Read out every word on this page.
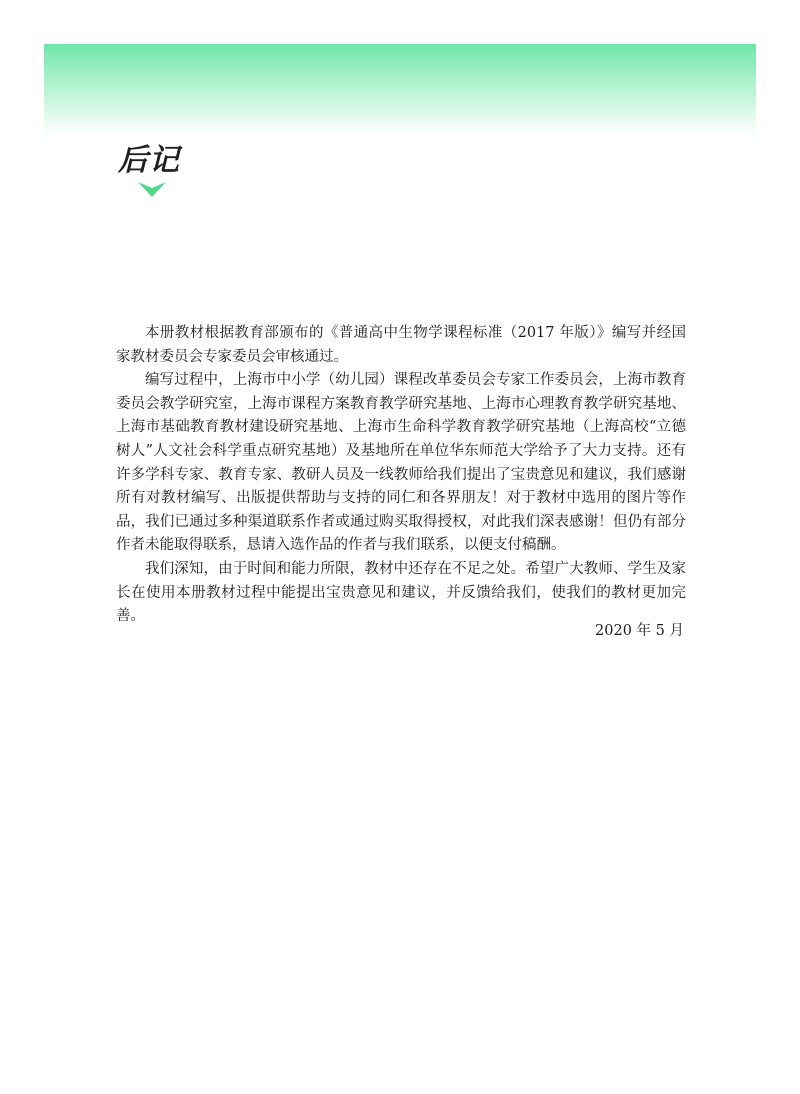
后记

本册教材根据教育部颁布的《普通高中生物学课程标准（2017 年版）》编写并经国家教材委员会专家委员会审核通过。

编写过程中，上海市中小学（幼儿园）课程改革委员会专家工作委员会，上海市教育委员会教学研究室，上海市课程方案教育教学研究基地、上海市心理教育教学研究基地、上海市基础教育教材建设研究基地、上海市生命科学教育教学研究基地（上海高校“立德树人”人文社会科学重点研究基地）及基地所在单位华东师范大学给予了大力支持。还有许多学科专家、教育专家、教研人员及一线教师给我们提出了宝贵意见和建议，我们感谢所有对教材编写、出版提供帮助与支持的同仁和各界朋友！对于教材中选用的图片等作品，我们已通过多种渠道联系作者或通过购买取得授权，对此我们深表感谢！但仍有部分作者未能取得联系，恳请入选作品的作者与我们联系，以便支付稿酬。

我们深知，由于时间和能力所限，教材中还存在不足之处。希望广大教师、学生及家长在使用本册教材过程中能提出宝贵意见和建议，并反馈给我们，使我们的教材更加完善。

2020 年 5 月
